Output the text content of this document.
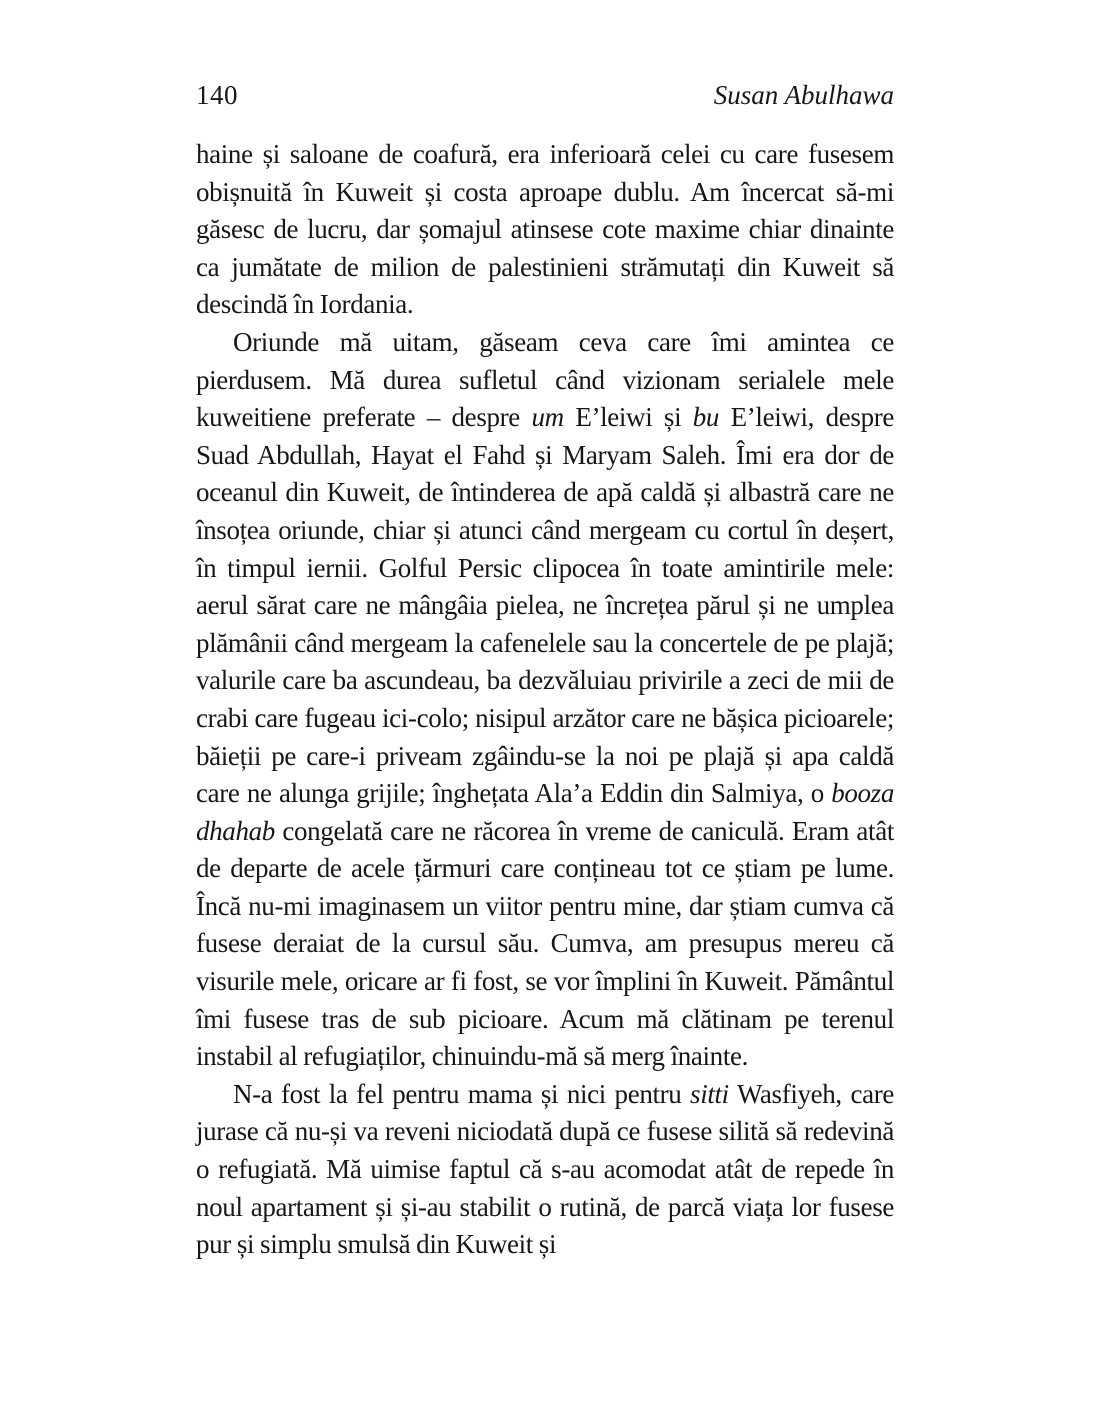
140	Susan Abulhawa

haine și saloane de coafură, era inferioară celei cu care fusesem obișnuită în Kuweit și costa aproape dublu. Am încercat să-mi găsesc de lucru, dar șomajul atinsese cote maxime chiar dinainte ca jumătate de milion de palestinieni strămutați din Kuweit să descindă în Iordania.

Oriunde mă uitam, găseam ceva care îmi amintea ce pierdusem. Mă durea sufletul când vizionam serialele mele kuweitiene preferate – despre um E’leiwi și bu E’leiwi, despre Suad Abdullah, Hayat el Fahd și Maryam Saleh. Îmi era dor de oceanul din Kuweit, de întinderea de apă caldă și albastră care ne însoțea oriunde, chiar și atunci când mergeam cu cortul în deșert, în timpul iernii. Golful Persic clipocea în toate amintirile mele: aerul sărat care ne mângâia pielea, ne încrețea părul și ne umplea plămânii când mergeam la cafenelele sau la concertele de pe plajă; valurile care ba ascundeau, ba dezvăluiau privirile a zeci de mii de crabi care fugeau ici-colo; nisipul arzător care ne bășica picioarele; băieții pe care-i priveam zgâindu-se la noi pe plajă și apa caldă care ne alunga grijile; înghețata Ala’a Eddin din Salmiya, o booza dhahab congelată care ne răcorea în vreme de caniculă. Eram atât de departe de acele țărmuri care conțineau tot ce știam pe lume. Încă nu-mi imaginasem un viitor pentru mine, dar știam cumva că fusese deraiat de la cursul său. Cumva, am presupus mereu că visurile mele, oricare ar fi fost, se vor împlini în Kuweit. Pământul îmi fusese tras de sub picioare. Acum mă clătinam pe terenul instabil al refugiaților, chinuindu-mă să merg înainte.

N-a fost la fel pentru mama și nici pentru sitti Wasfiyeh, care jurase că nu-și va reveni niciodată după ce fusese silită să redevină o refugiată. Mă uimise faptul că s-au acomodat atât de repede în noul apartament și și-au stabilit o rutină, de parcă viața lor fusese pur și simplu smulsă din Kuweit și
